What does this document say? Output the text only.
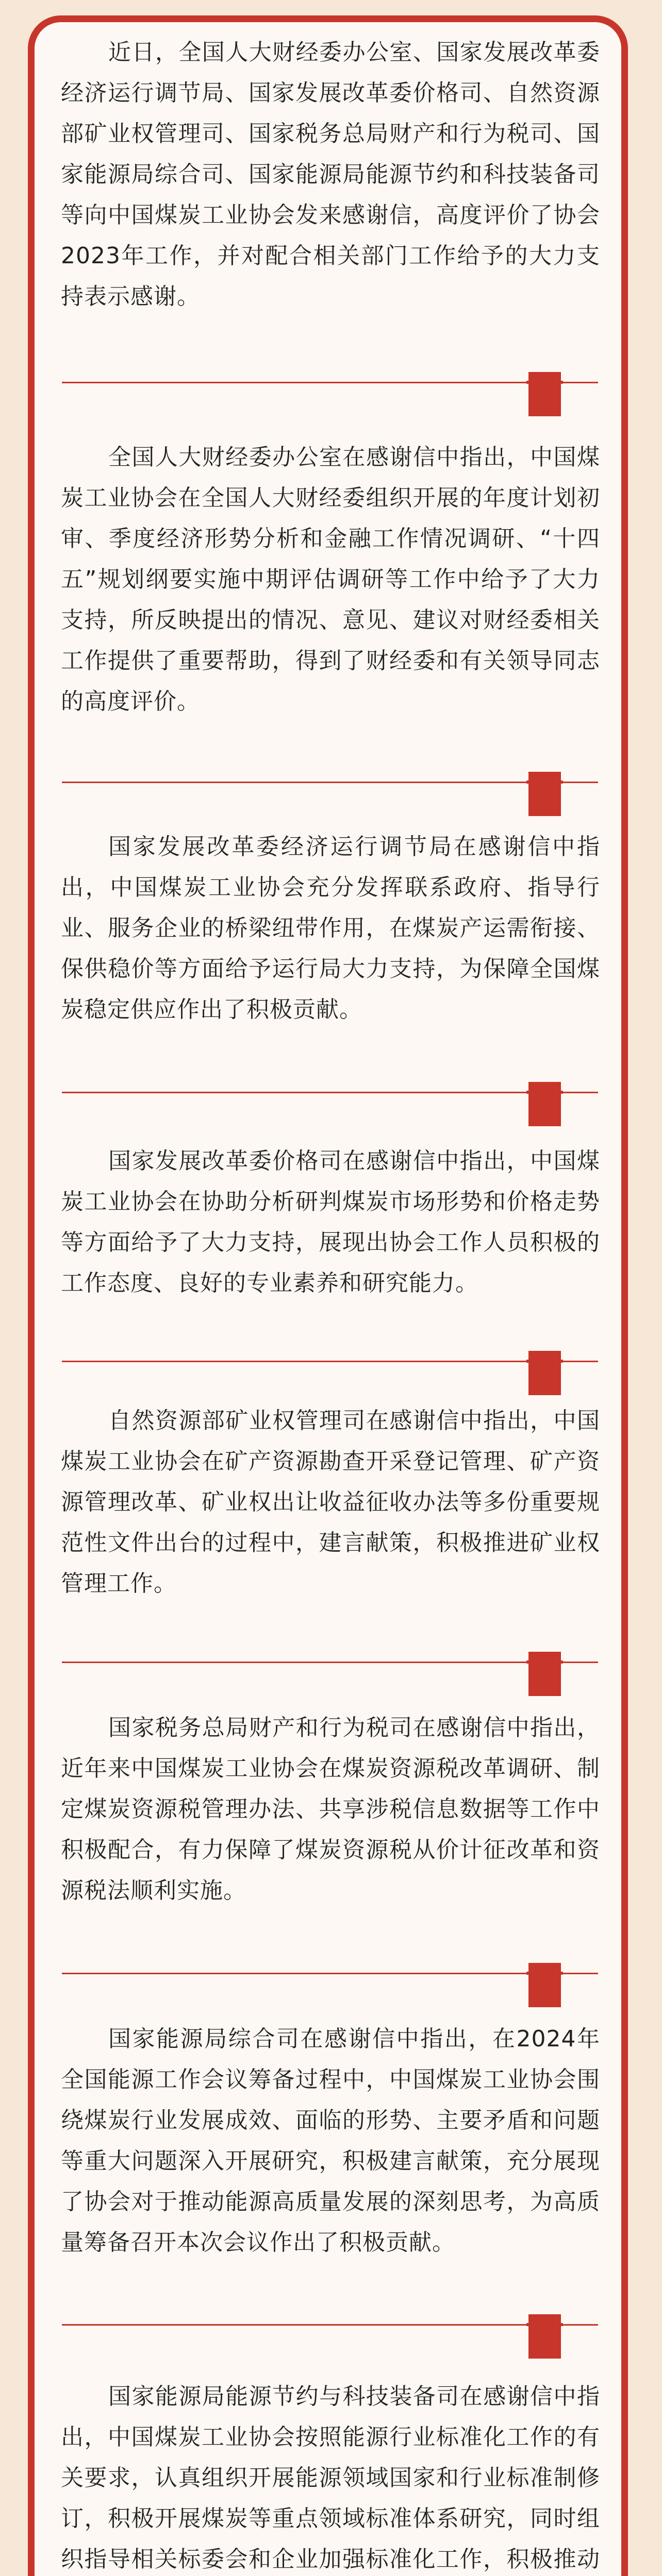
近日，全国人大财经委办公室、国家发展改革委经济运行调节局、国家发展改革委价格司、自然资源部矿业权管理司、国家税务总局财产和行为税司、国家能源局综合司、国家能源局能源节约和科技装备司等向中国煤炭工业协会发来感谢信，高度评价了协会2023年工作，并对配合相关部门工作给予的大力支持表示感谢。

全国人大财经委办公室在感谢信中指出，中国煤炭工业协会在全国人大财经委组织开展的年度计划初审、季度经济形势分析和金融工作情况调研、“十四五”规划纲要实施中期评估调研等工作中给予了大力支持，所反映提出的情况、意见、建议对财经委相关工作提供了重要帮助，得到了财经委和有关领导同志的高度评价。

国家发展改革委经济运行调节局在感谢信中指出，中国煤炭工业协会充分发挥联系政府、指导行业、服务企业的桥梁纽带作用，在煤炭产运需衔接、保供稳价等方面给予运行局大力支持，为保障全国煤炭稳定供应作出了积极贡献。

国家发展改革委价格司在感谢信中指出，中国煤炭工业协会在协助分析研判煤炭市场形势和价格走势等方面给予了大力支持，展现出协会工作人员积极的工作态度、良好的专业素养和研究能力。

自然资源部矿业权管理司在感谢信中指出，中国煤炭工业协会在矿产资源勘查开采登记管理、矿产资源管理改革、矿业权出让收益征收办法等多份重要规范性文件出台的过程中，建言献策，积极推进矿业权管理工作。

国家税务总局财产和行为税司在感谢信中指出，近年来中国煤炭工业协会在煤炭资源税改革调研、制定煤炭资源税管理办法、共享涉税信息数据等工作中积极配合，有力保障了煤炭资源税从价计征改革和资源税法顺利实施。

国家能源局综合司在感谢信中指出，在2024年全国能源工作会议筹备过程中，中国煤炭工业协会围绕煤炭行业发展成效、面临的形势、主要矛盾和问题等重大问题深入开展研究，积极建言献策，充分展现了协会对于推动能源高质量发展的深刻思考，为高质量筹备召开本次会议作出了积极贡献。

国家能源局能源节约与科技装备司在感谢信中指出，中国煤炭工业协会按照能源行业标准化工作的有关要求，认真组织开展能源领域国家和行业标准制修订，积极开展煤炭等重点领域标准体系研究，同时组织指导相关标委会和企业加强标准化工作，积极推动
